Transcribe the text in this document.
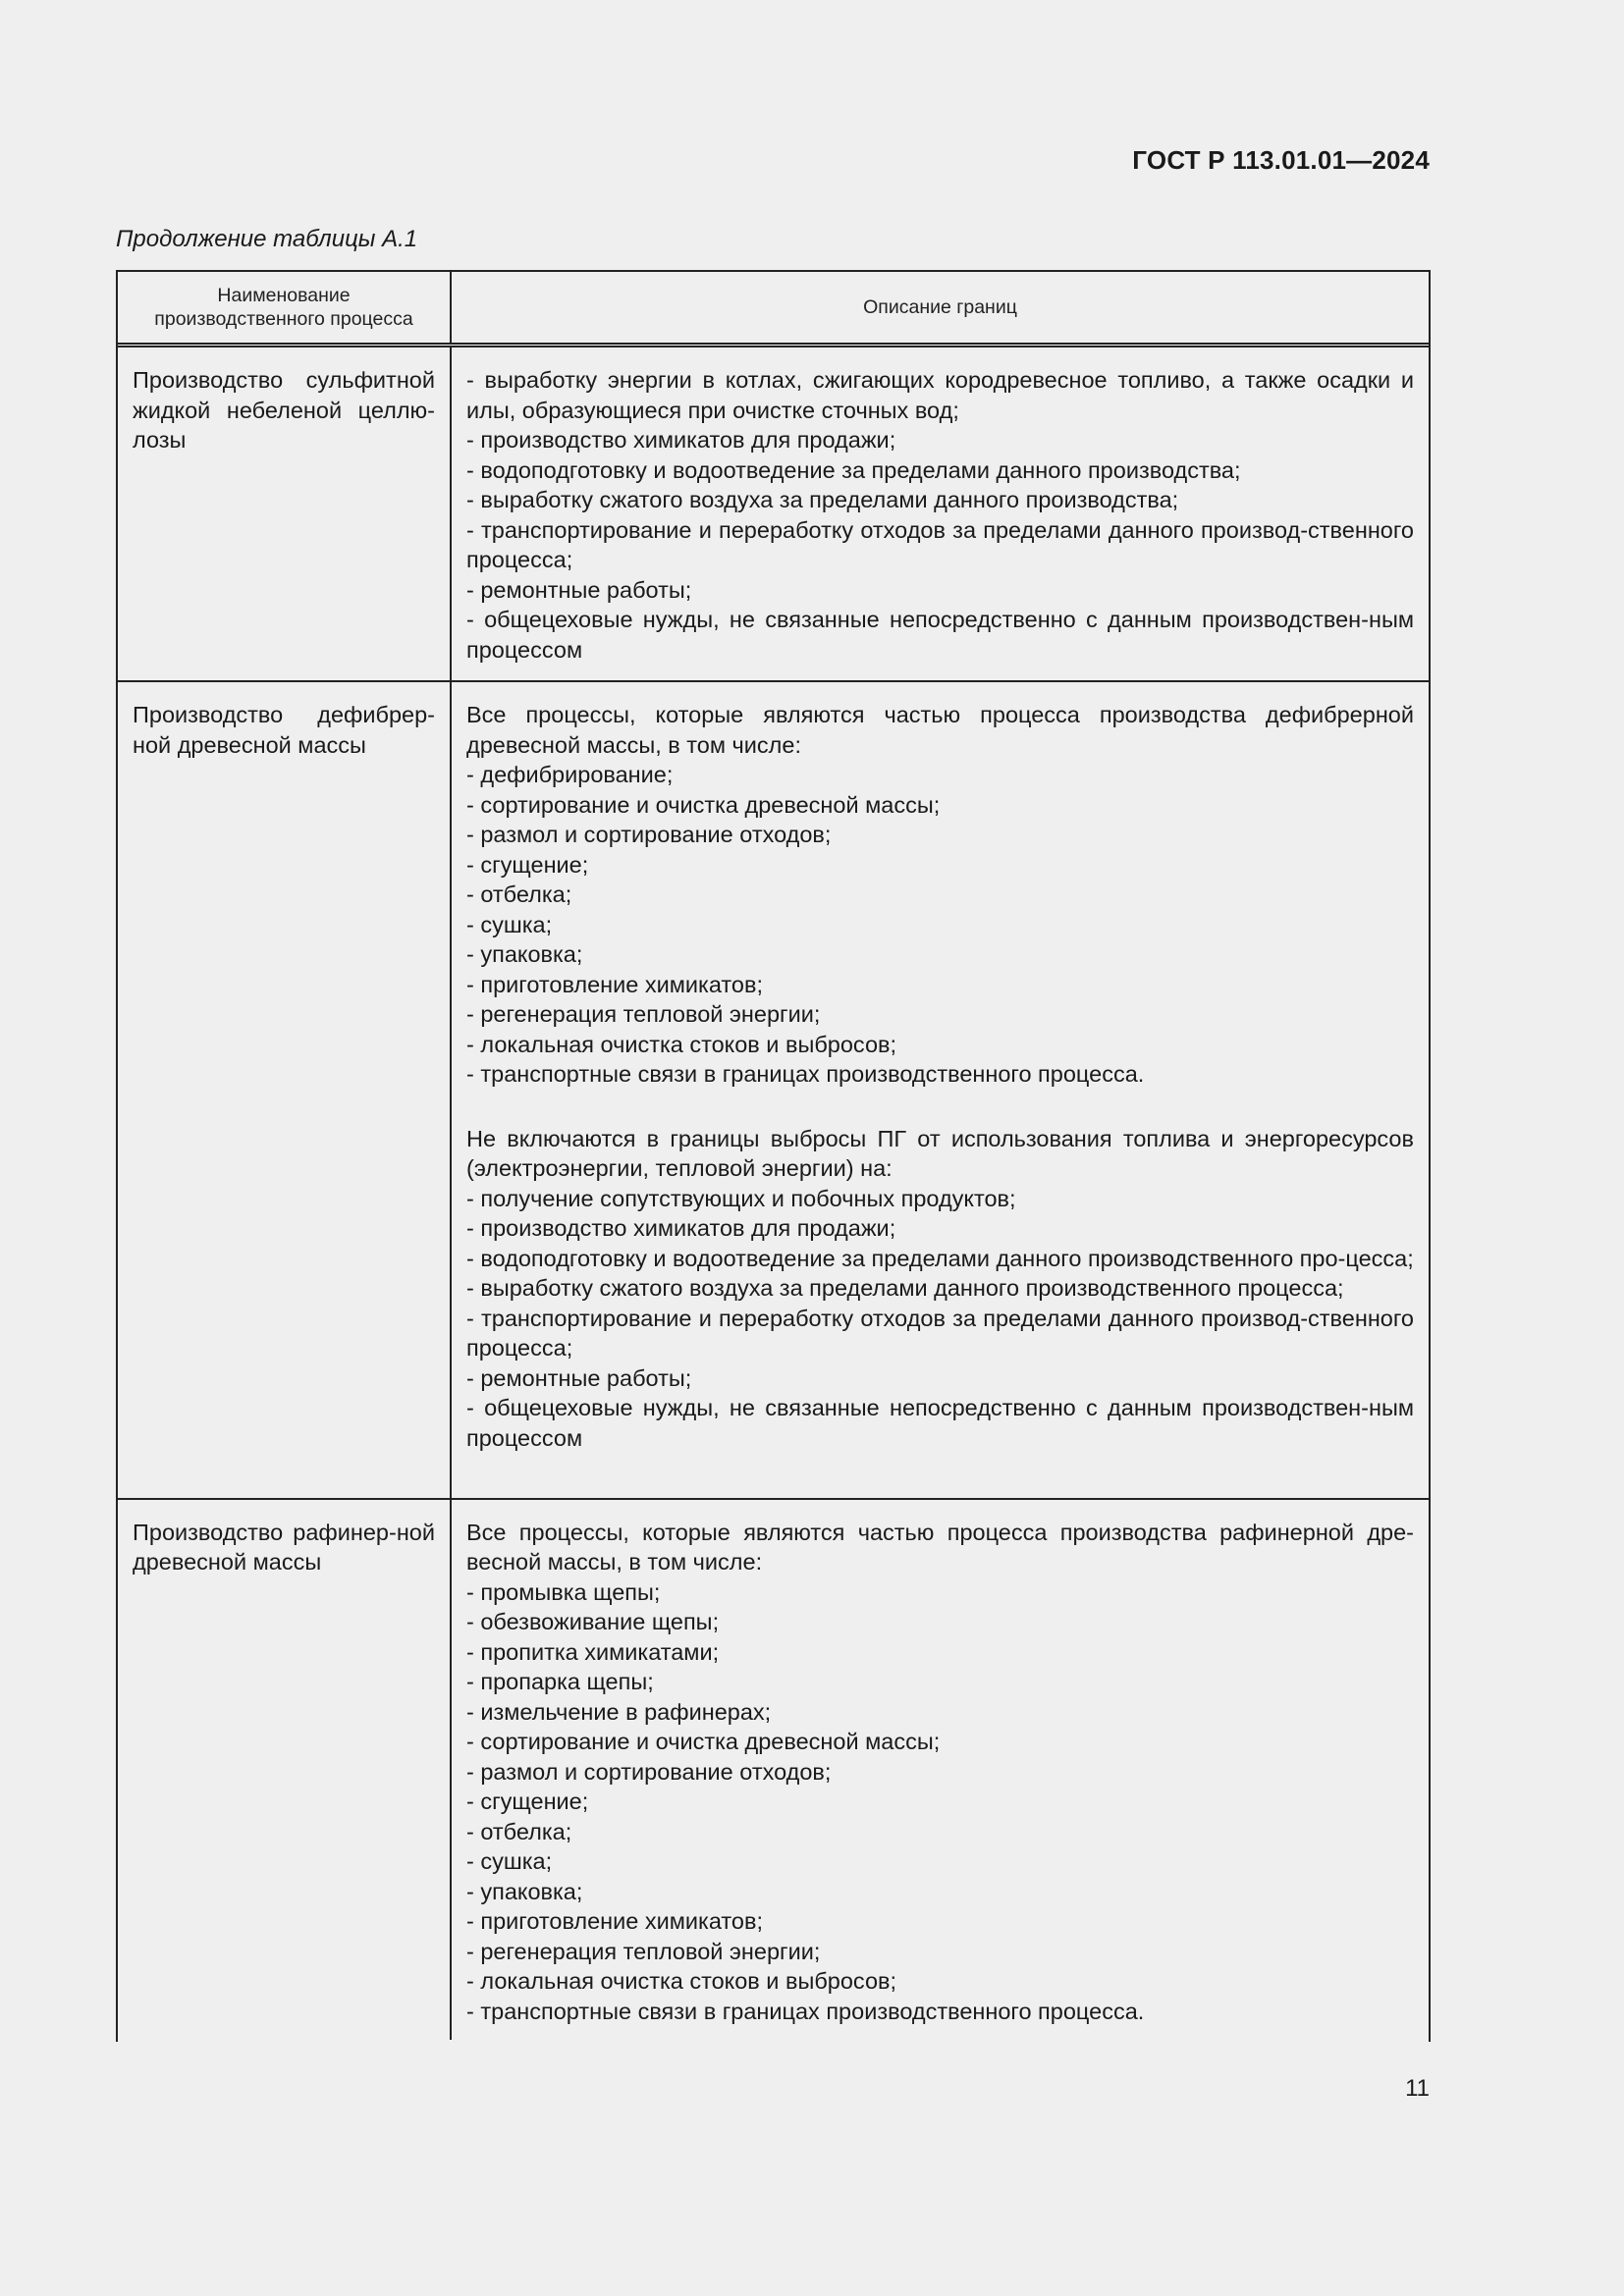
ГОСТ Р 113.01.01—2024
Продолжение таблицы А.1
Наименование производственного процесса
Описание границ
Производство сульфитной жидкой небеленой целлю-лозы

- выработку энергии в котлах, сжигающих кородревесное топливо, а также осадки и илы, образующиеся при очистке сточных вод;

- производство химикатов для продажи;

- водоподготовку и водоотведение за пределами данного производства;

- выработку сжатого воздуха за пределами данного производства;

- транспортирование и переработку отходов за пределами данного производ-ственного процесса;

- ремонтные работы;

- общецеховые нужды, не связанные непосредственно с данным производствен-ным процессом

Производство дефибрер-ной древесной массы

Все процессы, которые являются частью процесса производства дефибрерной древесной массы, в том числе:

- дефибрирование;

- сортирование и очистка древесной массы;

- размол и сортирование отходов;

- сгущение;

- отбелка;

- сушка;

- упаковка;

- приготовление химикатов;

- регенерация тепловой энергии;

- локальная очистка стоков и выбросов;

- транспортные связи в границах производственного процесса.

Не включаются в границы выбросы ПГ от использования топлива и энергоресурсов (электроэнергии, тепловой энергии) на:

- получение сопутствующих и побочных продуктов;

- производство химикатов для продажи;

- водоподготовку и водоотведение за пределами данного производственного про-цесса;

- выработку сжатого воздуха за пределами данного производственного процесса;

- транспортирование и переработку отходов за пределами данного производ-ственного процесса;

- ремонтные работы;

- общецеховые нужды, не связанные непосредственно с данным производствен-ным процессом

Производство рафинер-ной древесной массы

Все процессы, которые являются частью процесса производства рафинерной дре-весной массы, в том числе:

- промывка щепы;

- обезвоживание щепы;

- пропитка химикатами;

- пропарка щепы;

- измельчение в рафинерах;

- сортирование и очистка древесной массы;

- размол и сортирование отходов;

- сгущение;

- отбелка;

- сушка;

- упаковка;

- приготовление химикатов;

- регенерация тепловой энергии;

- локальная очистка стоков и выбросов;

- транспортные связи в границах производственного процесса.

11
